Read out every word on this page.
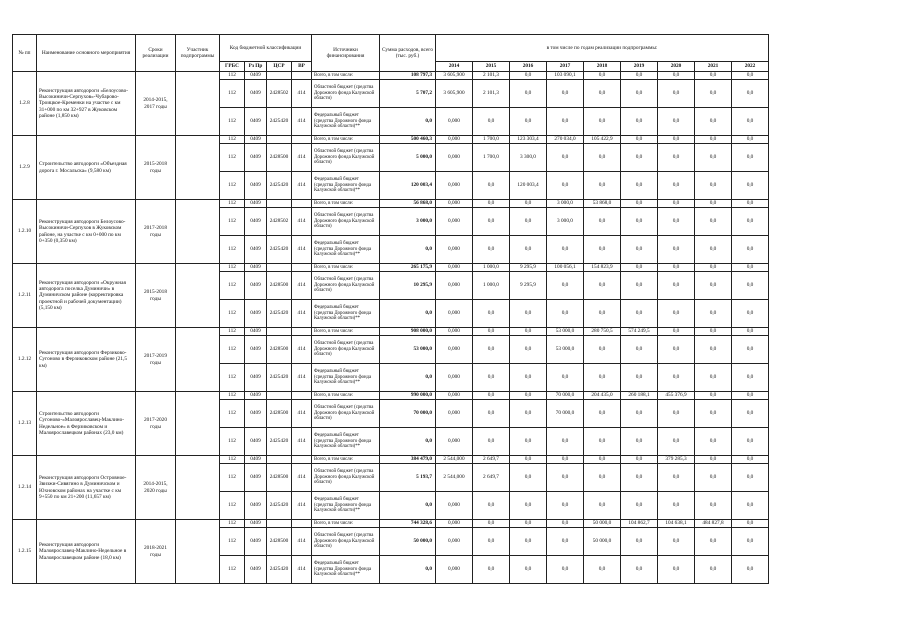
№ пп	Наименование основного мероприятия	Сроки реализации	Участник подпрограммы	Код бюджетной классификации				Источники финансирования	Сумма расходов, всего (тыс. руб.)	в том числе по годам реализации подпрограммы:								
				ГРБС	Рз Пр	ЦСР	ВР			2014	2015	2016	2017	2018	2019	2020	2021	2022
1.2.8	Реконструкция автодороги «Белоусово-Высокиничи-Серпухов»-Чубарово-Троицкое-Кременки на участке с км 31+000 по км 32+927 в Жуковском районе (1,850 км)	2014-2015, 2017 годы		112	0409			Всего, в том числе:	108 797,3	3 605,900	2 101,3	0,0	103 090,1	0,0	0,0	0,0	0,0	0,0
				112	0409	2428502	414	Областной бюджет (средства Дорожного фонда Калужской области)	5 707,2	3 605,900	2 101,3	0,0	0,0	0,0	0,0	0,0	0,0	0,0
				112	0409	2425420	414	Федеральный бюджет (средства Дорожного фонда Калужской области)**	0,0	0,000	0,0	0,0	0,0	0,0	0,0	0,0	0,0	0,0
1.2.9	Строительство автодороги «Объездная дорога г. Мосальска» (9,580 км)	2015-2018 годы		112	0409			Всего, в том числе:	500 460,3	0,000	1 700,0	123 303,4	270 034,0	105 422,9	0,0	0,0	0,0	0,0
				112	0409	2428500	414	Областной бюджет (средства Дорожного фонда Калужской области)	5 000,0	0,000	1 700,0	3 300,0	0,0	0,0	0,0	0,0	0,0	0,0
				112	0409	2425420	414	Федеральный бюджет (средства Дорожного фонда Калужской области)**	120 003,4	0,000	0,0	120 003,4	0,0	0,0	0,0	0,0	0,0	0,0
1.2.10	Реконструкция автодороги Белоусово-Высокиничи-Серпухов в Жуковском районе, на участке с км 0+000 по км 0+350 (0,350 км)	2017-2018 годы		112	0409			Всего, в том числе:	56 868,0	0,000	0,0	0,0	3 000,0	53 868,0	0,0	0,0	0,0	0,0
				112	0409	2428502	414	Областной бюджет (средства Дорожного фонда Калужской области)	3 000,0	0,000	0,0	0,0	3 000,0	0,0	0,0	0,0	0,0	0,0
				112	0409	2425420	414	Федеральный бюджет (средства Дорожного фонда Калужской области)**	0,0	0,000	0,0	0,0	0,0	0,0	0,0	0,0	0,0	0,0
1.2.11	Реконструкция автодороги «Окружная автодорога поселка Думиничи» в Думиничском районе (корректировка проектной и рабочей документации) (5,150 км)	2015-2018 годы		112	0409			Всего, в том числе:	265 175,9	0,000	1 000,0	9 295,9	100 056,1	154 823,9	0,0	0,0	0,0	0,0
				112	0409	2428500	414	Областной бюджет (средства Дорожного фонда Калужской области)	10 295,9	0,000	1 000,0	9 295,9	0,0	0,0	0,0	0,0	0,0	0,0
				112	0409	2425420	414	Федеральный бюджет (средства Дорожного фонда Калужской области)**	0,0	0,000	0,0	0,0	0,0	0,0	0,0	0,0	0,0	0,0
1.2.12	Реконструкция автодороги Ферзиково-Сугоново в Ферзиковском районе (21,5 км)	2017-2019 годы		112	0409			Всего, в том числе:	908 000,0	0,000	0,0	0,0	53 000,0	280 750,5	574 249,5	0,0	0,0	0,0
				112	0409	2428500	414	Областной бюджет (средства Дорожного фонда Калужской области)	53 000,0	0,000	0,0	0,0	53 000,0	0,0	0,0	0,0	0,0	0,0
				112	0409	2425420	414	Федеральный бюджет (средства Дорожного фонда Калужской области)**	0,0	0,000	0,0	0,0	0,0	0,0	0,0	0,0	0,0	0,0
1.2.13	Строительство автодороги Сугоново-«Малоярославец-Маклино-Недельное» в Ферзиковском и Малоярославецком районах (23,0 км)	2017-2020 годы		112	0409			Всего, в том числе:	990 000,0	0,000	0,0	0,0	70 000,0	204 435,0	260 188,1	455 376,9	0,0	0,0
				112	0409	2428500	414	Областной бюджет (средства Дорожного фонда Калужской области)	70 000,0	0,000	0,0	0,0	70 000,0	0,0	0,0	0,0	0,0	0,0
				112	0409	2425420	414	Федеральный бюджет (средства Дорожного фонда Калужской области)**	0,0	0,000	0,0	0,0	0,0	0,0	0,0	0,0	0,0	0,0
1.2.14	Реконструкция автодороги Островное-Звизжи-Сивягино в Думиничском и Юхновском районах на участке с км 9+550 по км 21+200 (11,657 км)	2014-2015, 2020 годы		112	0409			Всего, в том числе:	384 479,0	2 544,000	2 649,7	0,0	0,0	0,0	0,0	379 285,3	0,0	0,0
				112	0409	2428500	414	Областной бюджет (средства Дорожного фонда Калужской области)	5 193,7	2 544,000	2 649,7	0,0	0,0	0,0	0,0	0,0	0,0	0,0
				112	0409	2425420	414	Федеральный бюджет (средства Дорожного фонда Калужской области)**	0,0	0,000	0,0	0,0	0,0	0,0	0,0	0,0	0,0	0,0
1.2.15	Реконструкция автодороги Малоярославец-Маклино-Недельное в Малоярославецком районе (18,0 км)	2018-2021 годы		112	0409			Всего, в том числе:	744 328,6	0,000	0,0	0,0	0,0	50 000,0	104 862,7	104 638,1	484 827,8	0,0
				112	0409	2428500	414	Областной бюджет (средства Дорожного фонда Калужской области)	50 000,0	0,000	0,0	0,0	0,0	50 000,0	0,0	0,0	0,0	0,0
				112	0409	2425420	414	Федеральный бюджет (средства Дорожного фонда Калужской области)**	0,0	0,000	0,0	0,0	0,0	0,0	0,0	0,0	0,0	0,0
